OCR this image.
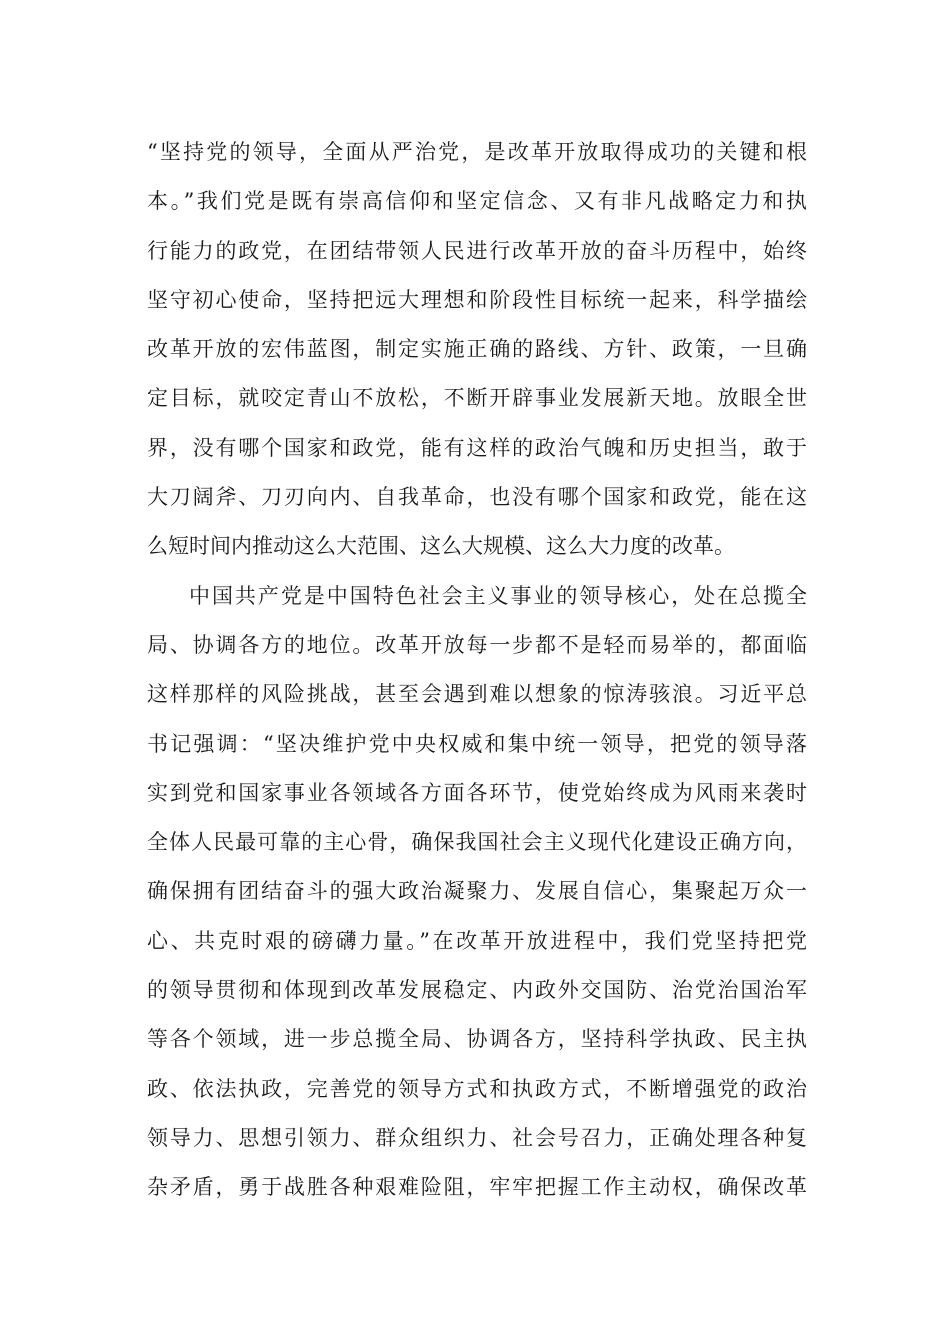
“坚持党的领导，全面从严治党，是改革开放取得成功的关键和根
本。”我们党是既有崇高信仰和坚定信念、又有非凡战略定力和执
行能力的政党，在团结带领人民进行改革开放的奋斗历程中，始终
坚守初心使命，坚持把远大理想和阶段性目标统一起来，科学描绘
改革开放的宏伟蓝图，制定实施正确的路线、方针、政策，一旦确
定目标，就咬定青山不放松，不断开辟事业发展新天地。放眼全世
界，没有哪个国家和政党，能有这样的政治气魄和历史担当，敢于
大刀阔斧、刀刃向内、自我革命，也没有哪个国家和政党，能在这
么短时间内推动这么大范围、这么大规模、这么大力度的改革。
中国共产党是中国特色社会主义事业的领导核心，处在总揽全
局、协调各方的地位。改革开放每一步都不是轻而易举的，都面临
这样那样的风险挑战，甚至会遇到难以想象的惊涛骇浪。习近平总
书记强调：“坚决维护党中央权威和集中统一领导，把党的领导落
实到党和国家事业各领域各方面各环节，使党始终成为风雨来袭时
全体人民最可靠的主心骨，确保我国社会主义现代化建设正确方向，
确保拥有团结奋斗的强大政治凝聚力、发展自信心，集聚起万众一
心、共克时艰的磅礴力量。”在改革开放进程中，我们党坚持把党
的领导贯彻和体现到改革发展稳定、内政外交国防、治党治国治军
等各个领域，进一步总揽全局、协调各方，坚持科学执政、民主执
政、依法执政，完善党的领导方式和执政方式，不断增强党的政治
领导力、思想引领力、群众组织力、社会号召力，正确处理各种复
杂矛盾，勇于战胜各种艰难险阻，牢牢把握工作主动权，确保改革
